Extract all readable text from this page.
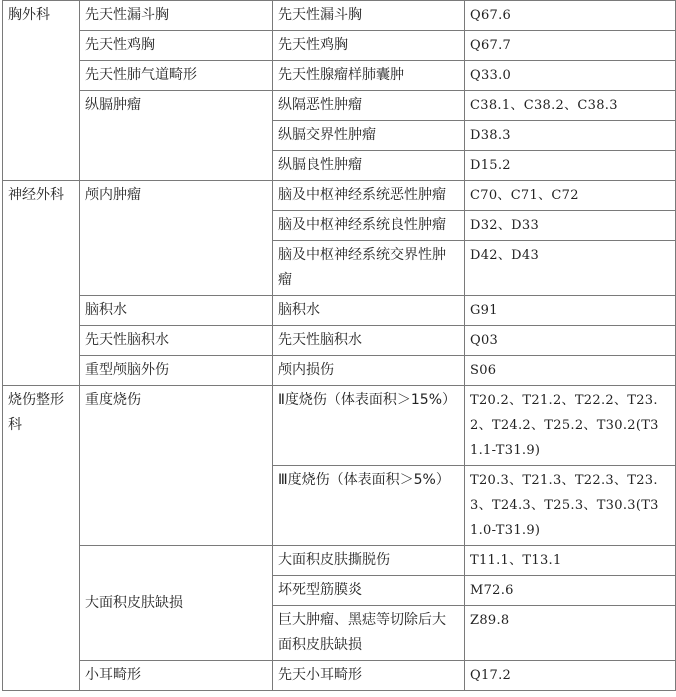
胸外科	先天性漏斗胸	先天性漏斗胸	Q67.6
	先天性鸡胸	先天性鸡胸	Q67.7
	先天性肺气道畸形	先天性腺瘤样肺囊肿	Q33.0
	纵膈肿瘤	纵隔恶性肿瘤	C38.1、C38.2、C38.3
		纵膈交界性肿瘤	D38.3
		纵膈良性肿瘤	D15.2
神经外科	颅内肿瘤	脑及中枢神经系统恶性肿瘤	C70、C71、C72
		脑及中枢神经系统良性肿瘤	D32、D33
		脑及中枢神经系统交界性肿瘤	D42、D43
	脑积水	脑积水	G91
	先天性脑积水	先天性脑积水	Q03
	重型颅脑外伤	颅内损伤	S06
烧伤整形科	重度烧伤	Ⅱ度烧伤（体表面积＞15%）	T20.2、T21.2、T22.2、T23.2、T24.2、T25.2、T30.2(T31.1-T31.9)
		Ⅲ度烧伤（体表面积＞5%）	T20.3、T21.3、T22.3、T23.3、T24.3、T25.3、T30.3(T31.0-T31.9)
	大面积皮肤缺损	大面积皮肤撕脱伤	T11.1、T13.1
		坏死型筋膜炎	M72.6
		巨大肿瘤、黑痣等切除后大面积皮肤缺损	Z89.8
	小耳畸形	先天小耳畸形	Q17.2
